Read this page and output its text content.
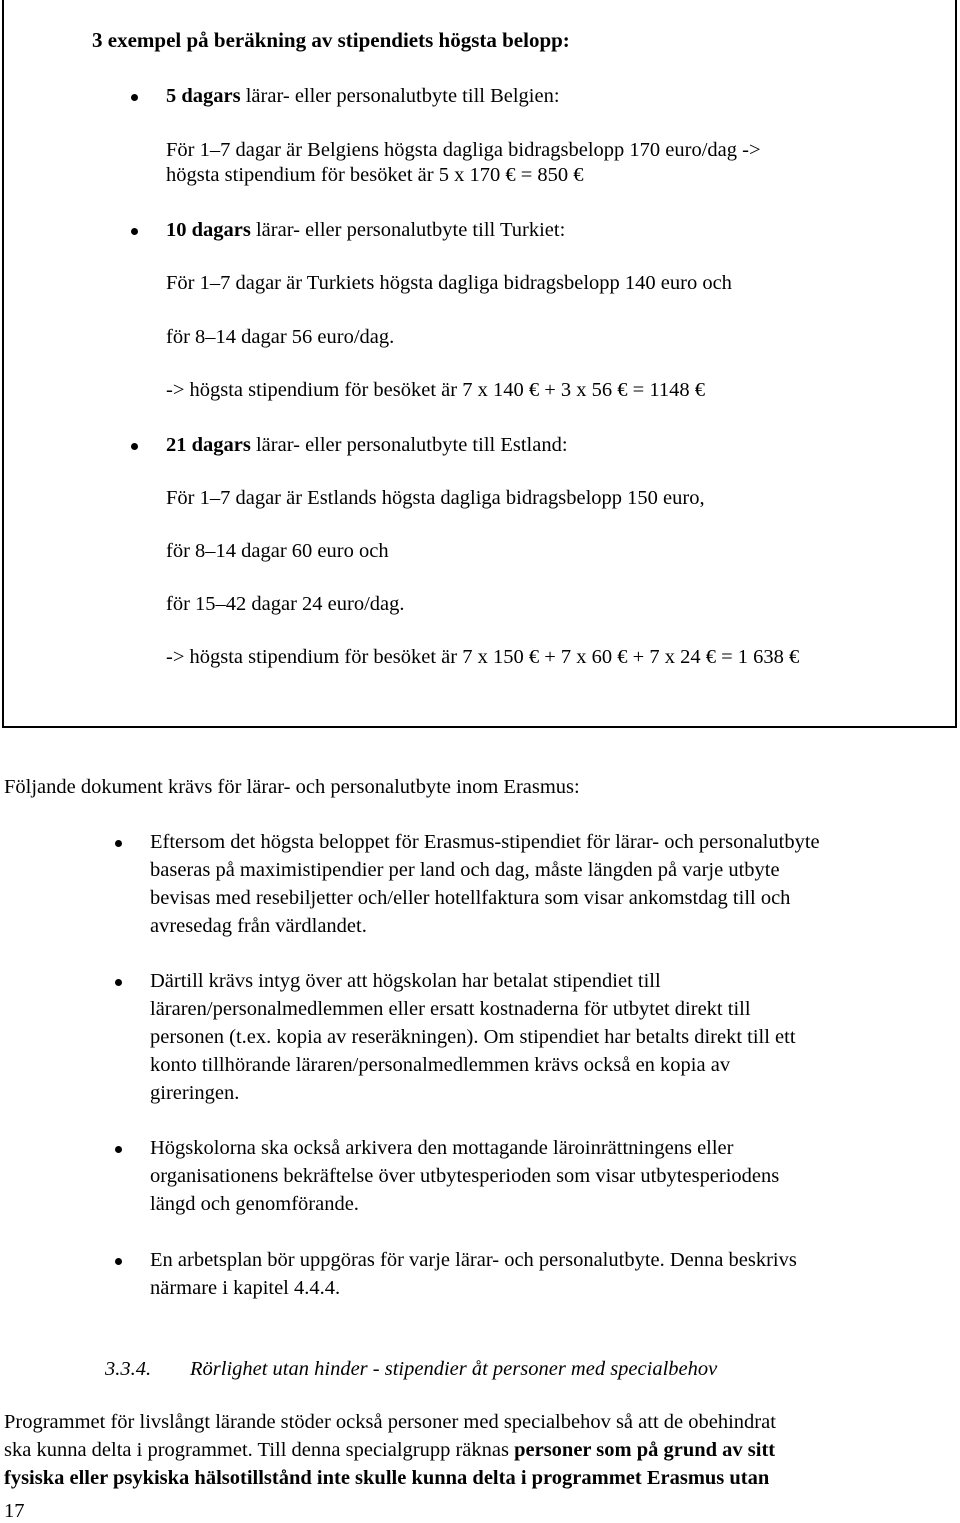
3 exempel på beräkning av stipendiets högsta belopp:
5 dagars lärar- eller personalutbyte till Belgien:
För 1–7 dagar är Belgiens högsta dagliga bidragsbelopp 170 euro/dag ->
högsta stipendium för besöket är 5 x 170 € = 850 €
10 dagars lärar- eller personalutbyte till Turkiet:
För 1–7 dagar är Turkiets högsta dagliga bidragsbelopp 140 euro och
för 8–14 dagar 56 euro/dag.
-> högsta stipendium för besöket är 7 x 140 € + 3 x 56 € = 1148 €
21 dagars lärar- eller personalutbyte till Estland:
För 1–7 dagar är Estlands högsta dagliga bidragsbelopp 150 euro,
för 8–14 dagar 60 euro och
för 15–42 dagar 24 euro/dag.
-> högsta stipendium för besöket är 7 x 150 € + 7 x 60 € + 7 x 24 € = 1 638 €
Följande dokument krävs för lärar- och personalutbyte inom Erasmus:
Eftersom det högsta beloppet för Erasmus-stipendiet för lärar- och personalutbyte
baseras på maximistipendier per land och dag, måste längden på varje utbyte
bevisas med resebiljetter och/eller hotellfaktura som visar ankomstdag till och
avresedag från värdlandet.
Därtill krävs intyg över att högskolan har betalat stipendiet till
läraren/personalmedlemmen eller ersatt kostnaderna för utbytet direkt till
personen (t.ex. kopia av reseräkningen). Om stipendiet har betalts direkt till ett
konto tillhörande läraren/personalmedlemmen krävs också en kopia av
gireringen.
Högskolorna ska också arkivera den mottagande läroinrättningens eller
organisationens bekräftelse över utbytesperioden som visar utbytesperiodens
längd och genomförande.
En arbetsplan bör uppgöras för varje lärar- och personalutbyte. Denna beskrivs
närmare i kapitel 4.4.4.
3.3.4. Rörlighet utan hinder - stipendier åt personer med specialbehov
Programmet för livslångt lärande stöder också personer med specialbehov så att de obehindrat
ska kunna delta i programmet. Till denna specialgrupp räknas personer som på grund av sitt
fysiska eller psykiska hälsotillstånd inte skulle kunna delta i programmet Erasmus utan
17
